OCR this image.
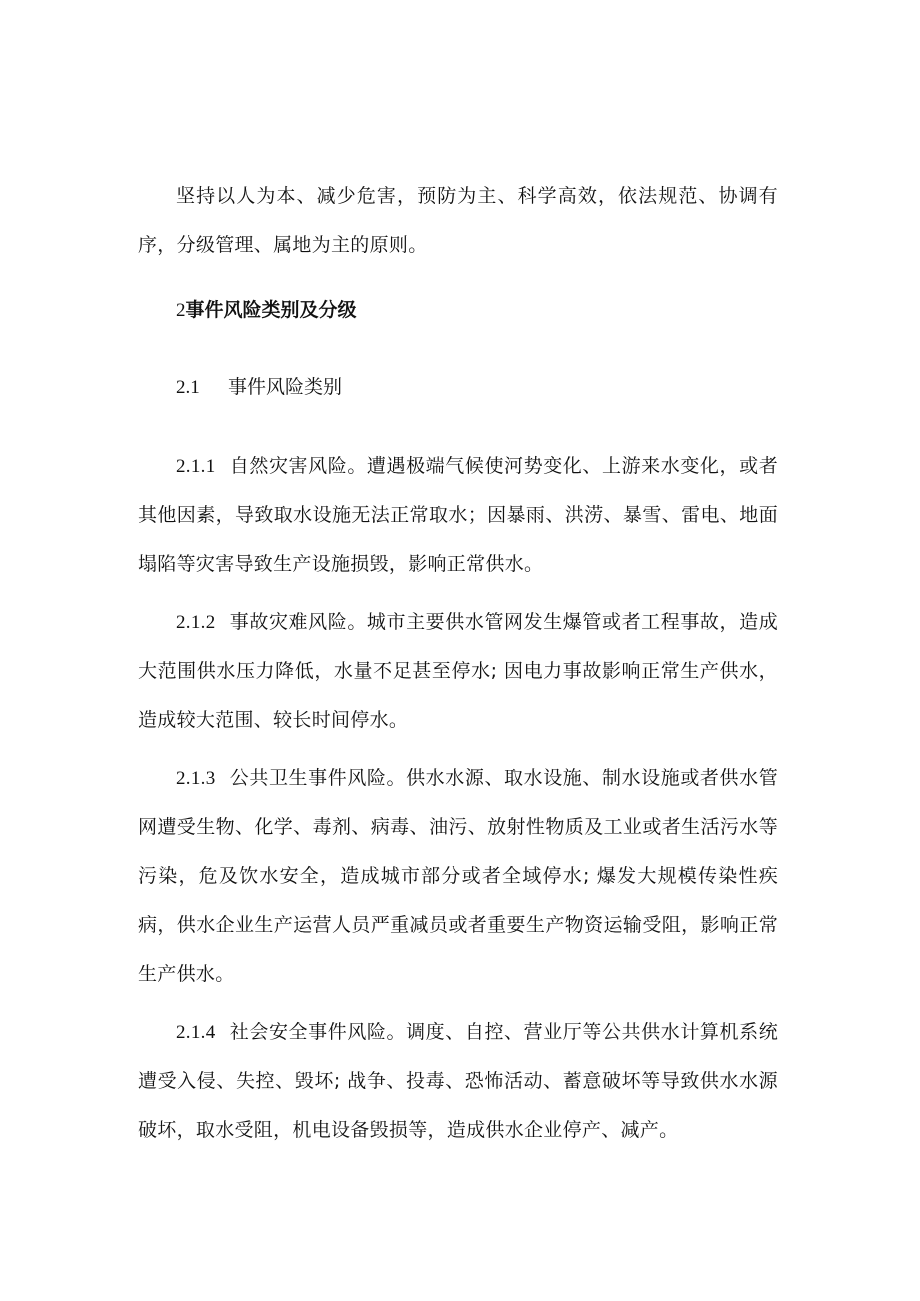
坚持以人为本、减少危害，预防为主、科学高效，依法规范、协调有序，分级管理、属地为主的原则。

2事件风险类别及分级

2.1 事件风险类别

2.1.1 自然灾害风险。遭遇极端气候使河势变化、上游来水变化，或者其他因素，导致取水设施无法正常取水；因暴雨、洪涝、暴雪、雷电、地面塌陷等灾害导致生产设施损毁，影响正常供水。

2.1.2 事故灾难风险。城市主要供水管网发生爆管或者工程事故，造成大范围供水压力降低，水量不足甚至停水; 因电力事故影响正常生产供水，造成较大范围、较长时间停水。

2.1.3 公共卫生事件风险。供水水源、取水设施、制水设施或者供水管网遭受生物、化学、毒剂、病毒、油污、放射性物质及工业或者生活污水等污染，危及饮水安全，造成城市部分或者全域停水; 爆发大规模传染性疾病，供水企业生产运营人员严重减员或者重要生产物资运输受阻，影响正常生产供水。

2.1.4 社会安全事件风险。调度、自控、营业厅等公共供水计算机系统遭受入侵、失控、毁坏; 战争、投毒、恐怖活动、蓄意破坏等导致供水水源破坏，取水受阻，机电设备毁损等，造成供水企业停产、减产。
